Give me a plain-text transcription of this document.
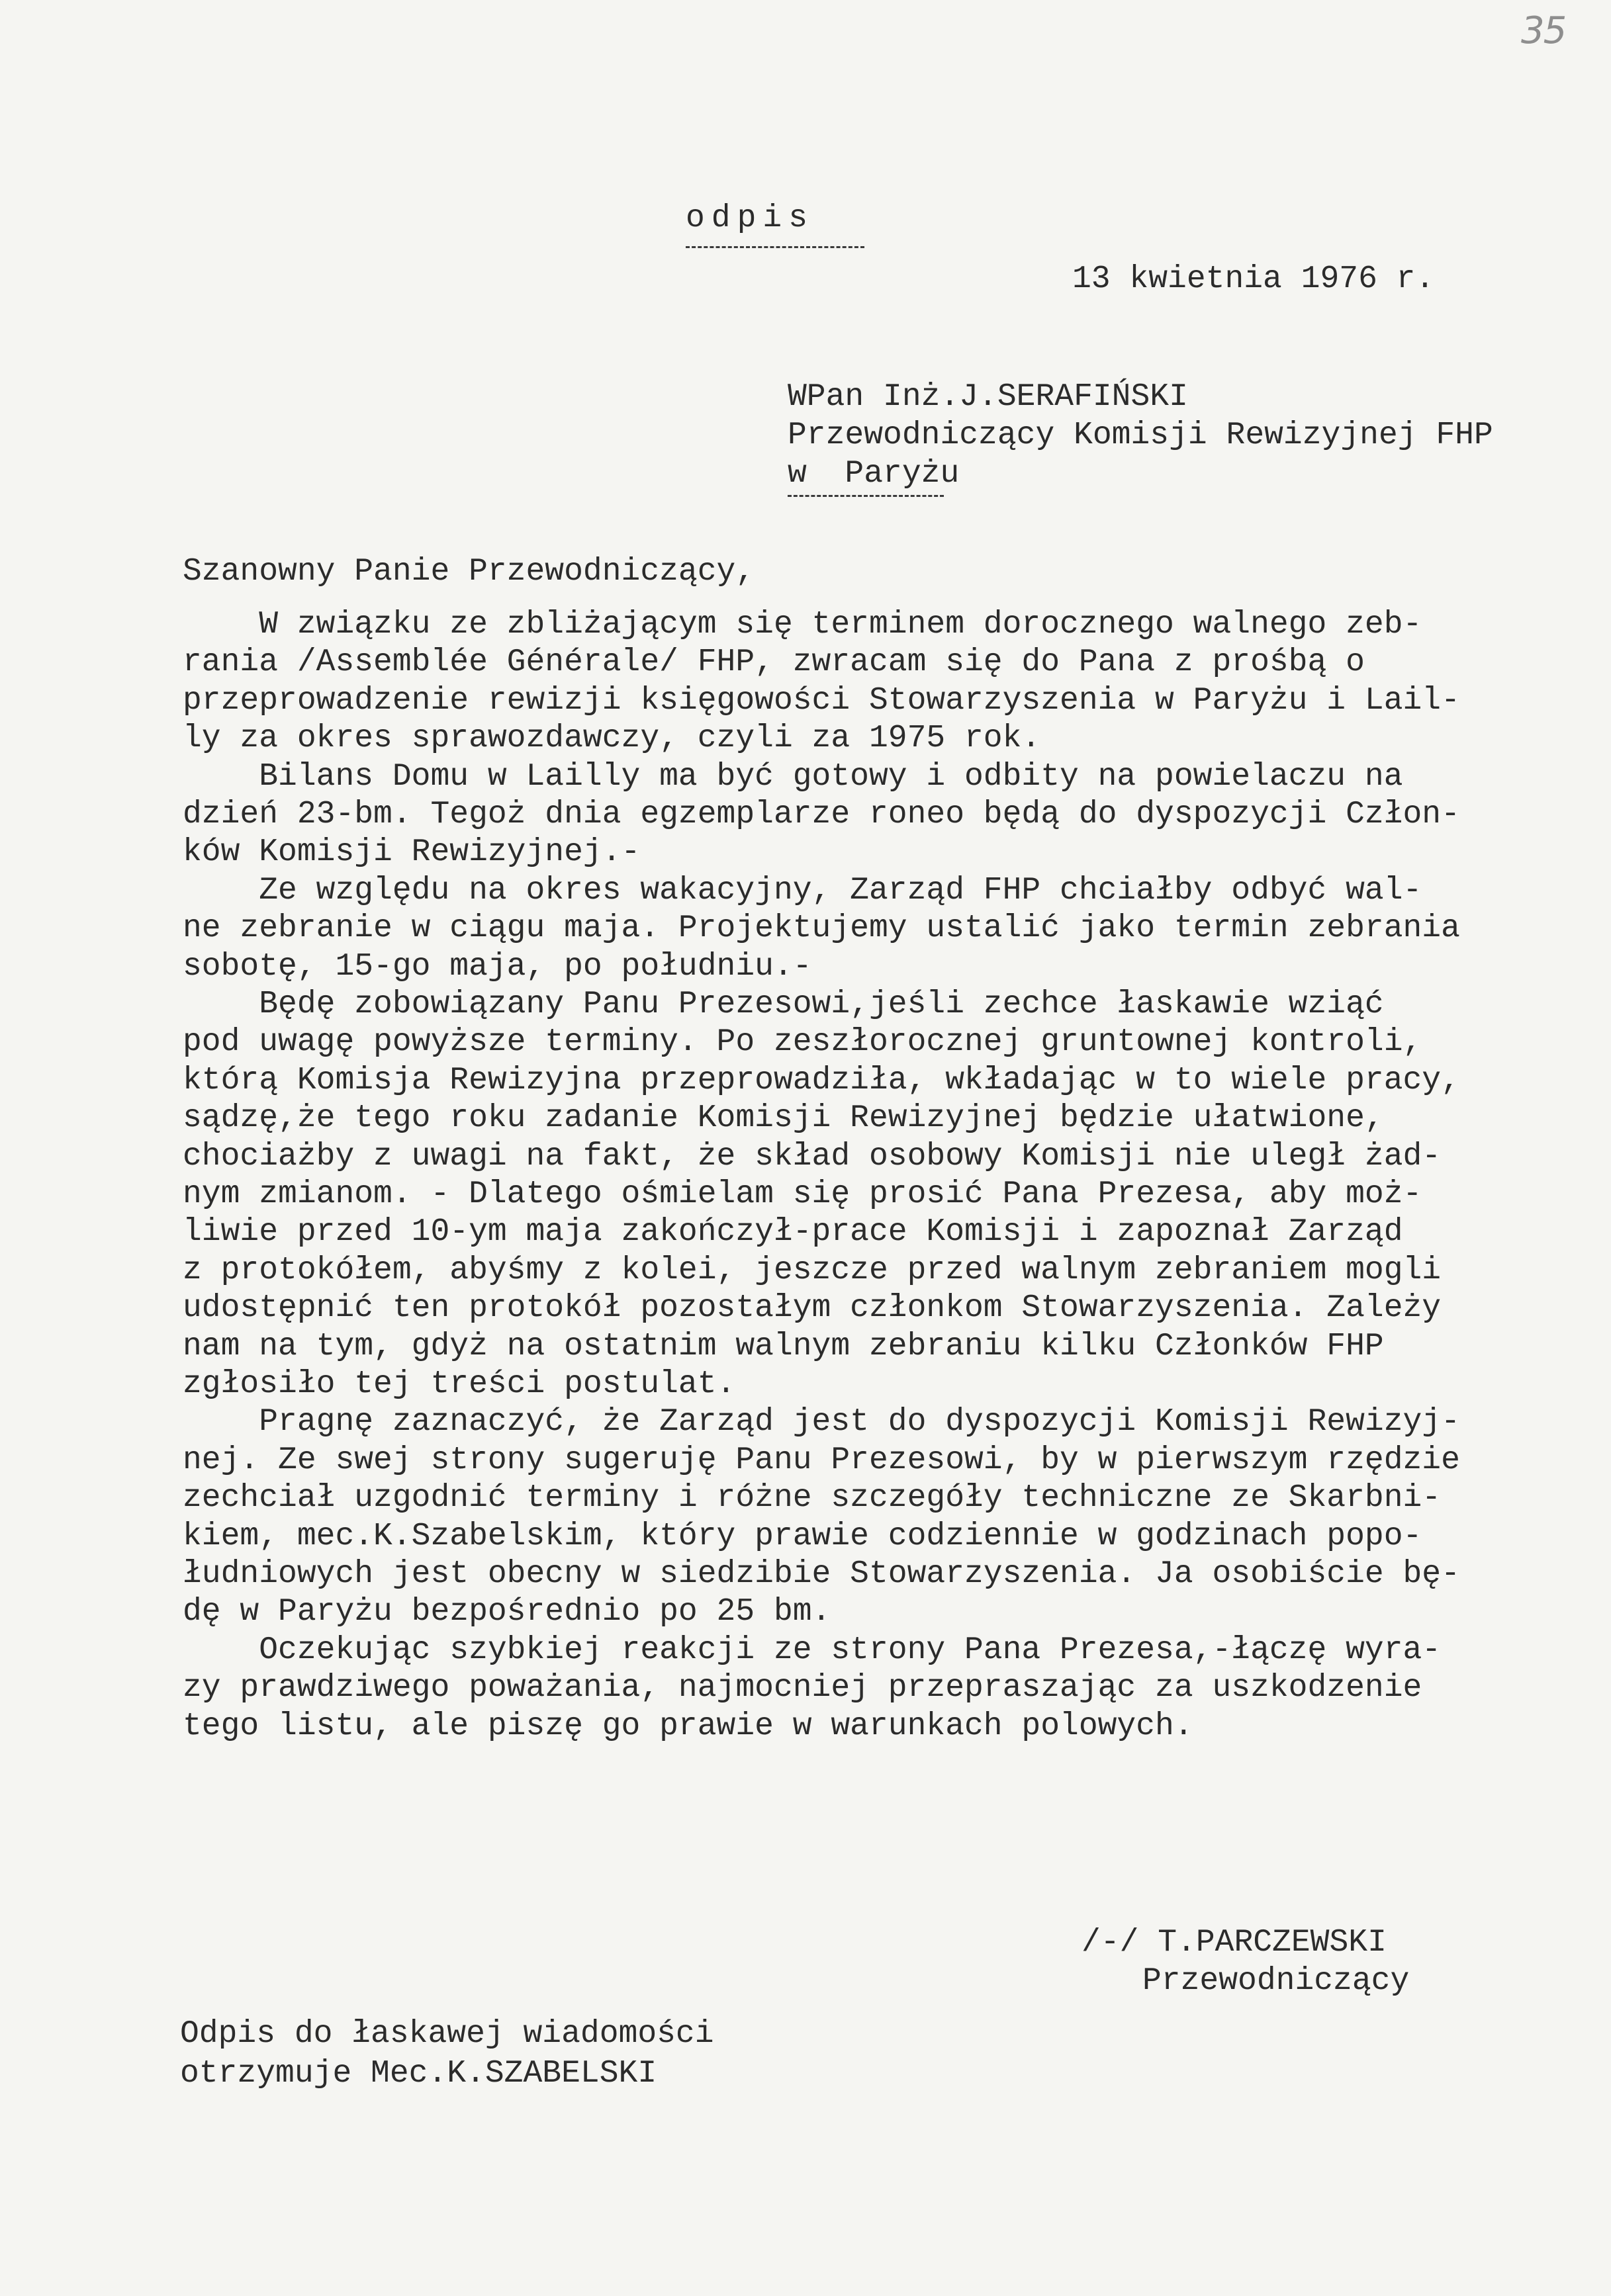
35
odpis
13 kwietnia 1976 r.
WPan Inż.J.SERAFIŃSKI
Przewodniczący Komisji Rewizyjnej FHP
w  Paryżu
Szanowny Panie Przewodniczący,
W związku ze zbliżającym się terminem dorocznego walnego zeb-
rania /Assemblée Générale/ FHP, zwracam się do Pana z prośbą o
przeprowadzenie rewizji księgowości Stowarzyszenia w Paryżu i Lail-
ly za okres sprawozdawczy, czyli za 1975 rok.
Bilans Domu w Lailly ma być gotowy i odbity na powielaczu na
dzień 23-bm. Tegoż dnia egzemplarze roneo będą do dyspozycji Człon-
ków Komisji Rewizyjnej.-
Ze względu na okres wakacyjny, Zarząd FHP chciałby odbyć wal-
ne zebranie w ciągu maja. Projektujemy ustalić jako termin zebrania
sobotę, 15-go maja, po południu.-
Będę zobowiązany Panu Prezesowi,jeśli zechce łaskawie wziąć
pod uwagę powyższe terminy. Po zeszłorocznej gruntownej kontroli,
którą Komisja Rewizyjna przeprowadziła, wkładając w to wiele pracy,
sądzę,że tego roku zadanie Komisji Rewizyjnej będzie ułatwione,
chociażby z uwagi na fakt, że skład osobowy Komisji nie uległ żad-
nym zmianom. - Dlatego ośmielam się prosić Pana Prezesa, aby moż-
liwie przed 10-ym maja zakończył-prace Komisji i zapoznał Zarząd
z protokółem, abyśmy z kolei, jeszcze przed walnym zebraniem mogli
udostępnić ten protokół pozostałym członkom Stowarzyszenia. Zależy
nam na tym, gdyż na ostatnim walnym zebraniu kilku Członków FHP
zgłosiło tej treści postulat.
Pragnę zaznaczyć, że Zarząd jest do dyspozycji Komisji Rewizyj-
nej. Ze swej strony sugeruję Panu Prezesowi, by w pierwszym rzędzie
zechciał uzgodnić terminy i różne szczegóły techniczne ze Skarbni-
kiem, mec.K.Szabelskim, który prawie codziennie w godzinach popo-
łudniowych jest obecny w siedzibie Stowarzyszenia. Ja osobiście bę-
dę w Paryżu bezpośrednio po 25 bm.
Oczekując szybkiej reakcji ze strony Pana Prezesa,-łączę wyra-
zy prawdziwego poważania, najmocniej przepraszając za uszkodzenie
tego listu, ale piszę go prawie w warunkach polowych.
/-/ T.PARCZEWSKI
Przewodniczący
Odpis do łaskawej wiadomości
otrzymuje Mec.K.SZABELSKI
